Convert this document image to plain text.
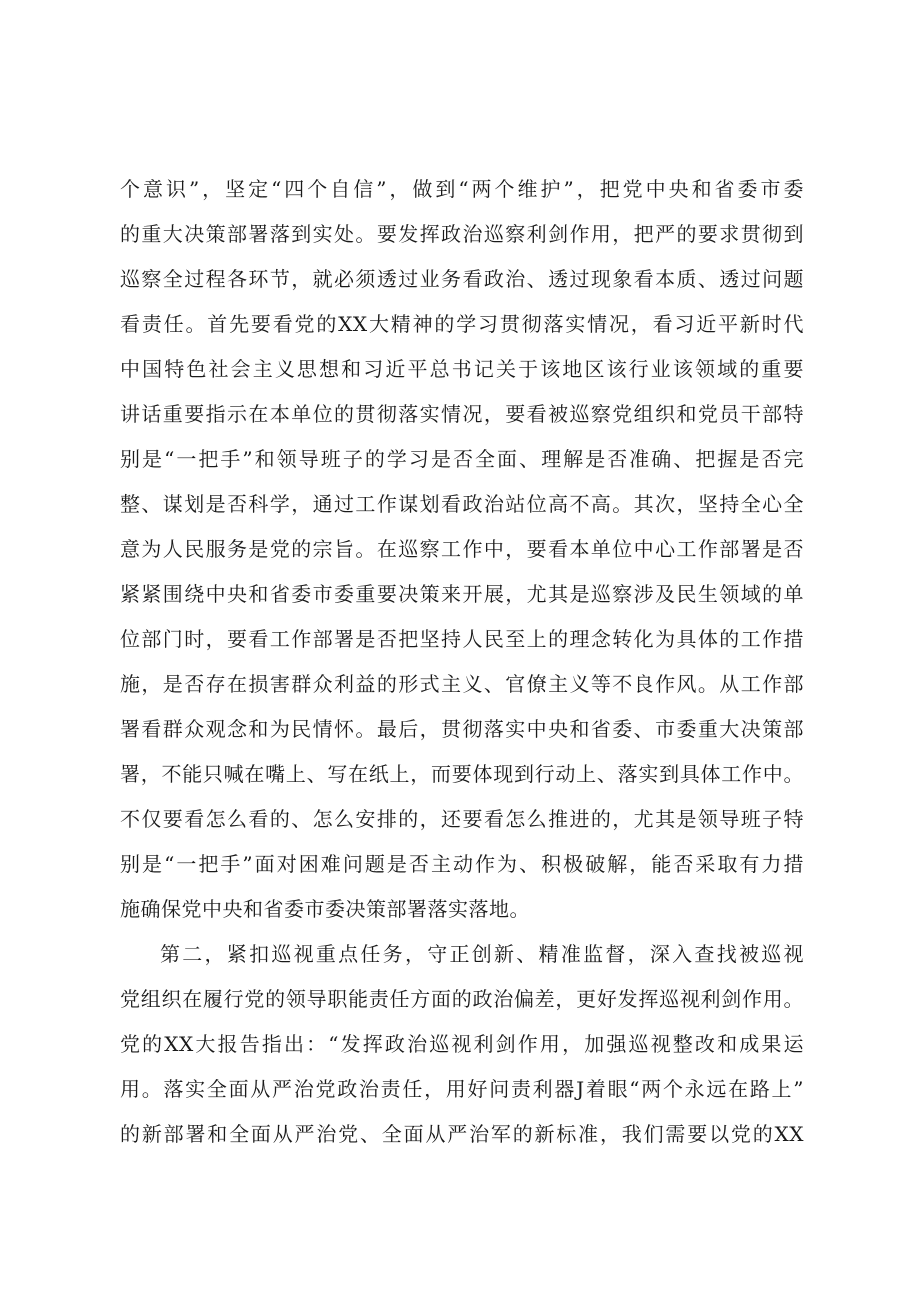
个意识”，坚定“四个自信”，做到“两个维护”，把党中央和省委市委
的重大决策部署落到实处。要发挥政治巡察利剑作用，把严的要求贯彻到
巡察全过程各环节，就必须透过业务看政治、透过现象看本质、透过问题
看责任。首先要看党的XX大精神的学习贯彻落实情况，看习近平新时代
中国特色社会主义思想和习近平总书记关于该地区该行业该领域的重要
讲话重要指示在本单位的贯彻落实情况，要看被巡察党组织和党员干部特
别是“一把手”和领导班子的学习是否全面、理解是否准确、把握是否完
整、谋划是否科学，通过工作谋划看政治站位高不高。其次，坚持全心全
意为人民服务是党的宗旨。在巡察工作中，要看本单位中心工作部署是否
紧紧围绕中央和省委市委重要决策来开展，尤其是巡察涉及民生领域的单
位部门时，要看工作部署是否把坚持人民至上的理念转化为具体的工作措
施，是否存在损害群众利益的形式主义、官僚主义等不良作风。从工作部
署看群众观念和为民情怀。最后，贯彻落实中央和省委、市委重大决策部
署，不能只喊在嘴上、写在纸上，而要体现到行动上、落实到具体工作中。
不仅要看怎么看的、怎么安排的，还要看怎么推进的，尤其是领导班子特
别是“一把手”面对困难问题是否主动作为、积极破解，能否采取有力措
施确保党中央和省委市委决策部署落实落地。
第二，紧扣巡视重点任务，守正创新、精准监督，深入查找被巡视
党组织在履行党的领导职能责任方面的政治偏差，更好发挥巡视利剑作用。
党的XX大报告指出：“发挥政治巡视利剑作用，加强巡视整改和成果运
用。落实全面从严治党政治责任，用好问责利器J着眼“两个永远在路上”
的新部署和全面从严治党、全面从严治军的新标准，我们需要以党的XX
